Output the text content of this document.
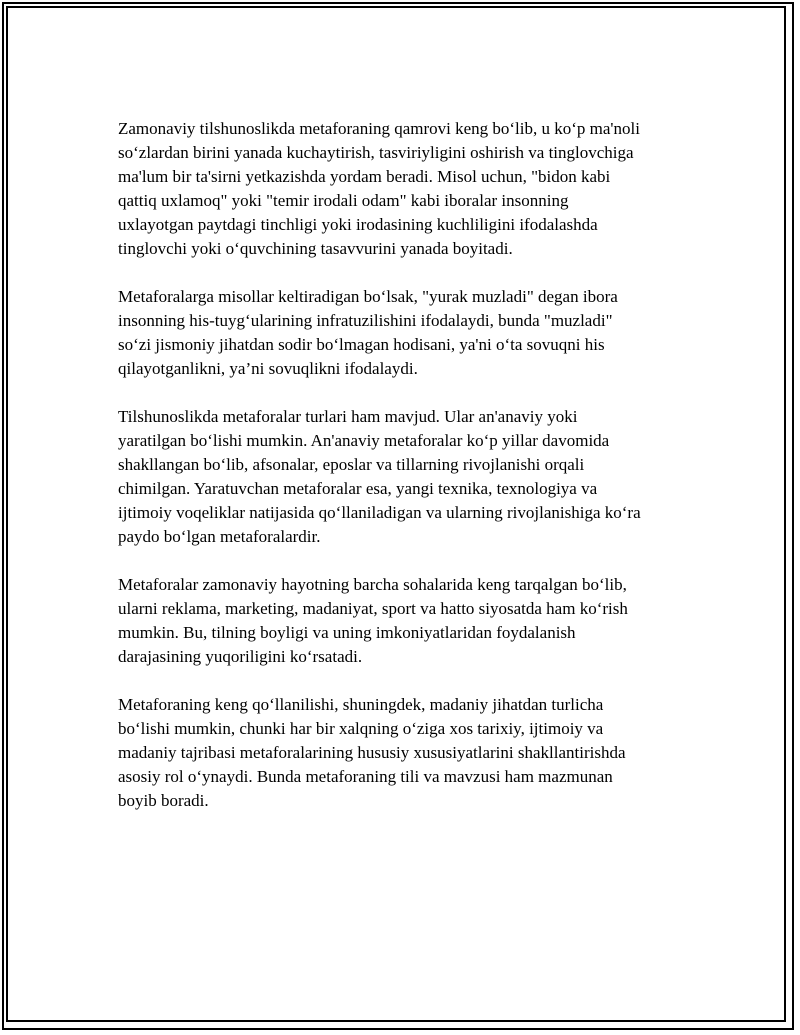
Zamonaviy tilshunoslikda metaforaning qamrovi keng bo‘lib, u ko‘p ma'noli
so‘zlardan birini yanada kuchaytirish, tasviriyligini oshirish va tinglovchiga
ma'lum bir ta'sirni yetkazishda yordam beradi. Misol uchun, "bidon kabi
qattiq uxlamoq" yoki "temir irodali odam" kabi iboralar insonning
uxlayotgan paytdagi tinchligi yoki irodasining kuchliligini ifodalashda
tinglovchi yoki o‘quvchining tasavvurini yanada boyitadi.
Metaforalarga misollar keltiradigan bo‘lsak, "yurak muzladi" degan ibora
insonning his-tuyg‘ularining infratuzilishini ifodalaydi, bunda "muzladi"
so‘zi jismoniy jihatdan sodir bo‘lmagan hodisani, ya'ni o‘ta sovuqni his
qilayotganlikni, ya’ni sovuqlikni ifodalaydi.
Tilshunoslikda metaforalar turlari ham mavjud. Ular an'anaviy yoki
yaratilgan bo‘lishi mumkin. An'anaviy metaforalar ko‘p yillar davomida
shakllangan bo‘lib, afsonalar, eposlar va tillarning rivojlanishi orqali
chimilgan. Yaratuvchan metaforalar esa, yangi texnika, texnologiya va
ijtimoiy voqeliklar natijasida qo‘llaniladigan va ularning rivojlanishiga ko‘ra
paydo bo‘lgan metaforalardir.
Metaforalar zamonaviy hayotning barcha sohalarida keng tarqalgan bo‘lib,
ularni reklama, marketing, madaniyat, sport va hatto siyosatda ham ko‘rish
mumkin. Bu, tilning boyligi va uning imkoniyatlaridan foydalanish
darajasining yuqoriligini ko‘rsatadi.
Metaforaning keng qo‘llanilishi, shuningdek, madaniy jihatdan turlicha
bo‘lishi mumkin, chunki har bir xalqning o‘ziga xos tarixiy, ijtimoiy va
madaniy tajribasi metaforalarining hususiy xususiyatlarini shakllantirishda
asosiy rol o‘ynaydi. Bunda metaforaning tili va mavzusi ham mazmunan
boyib boradi.
